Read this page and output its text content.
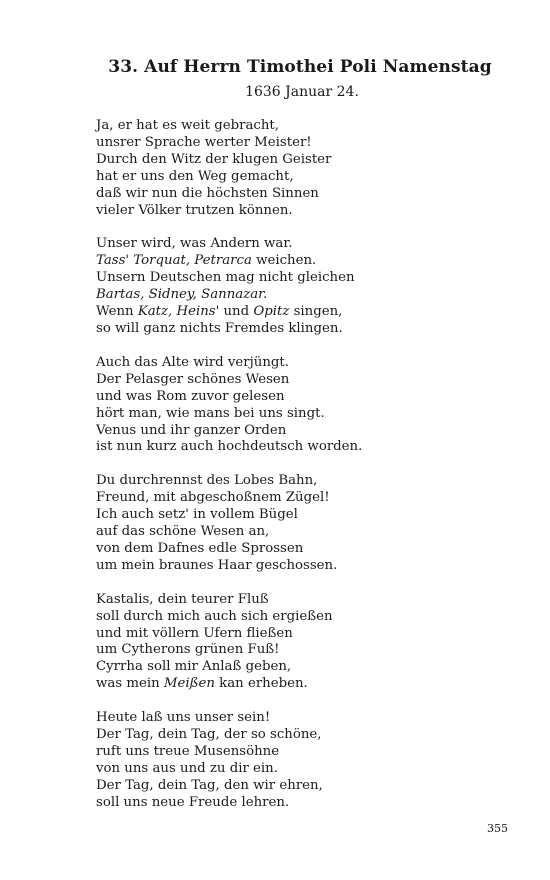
33. Auf Herrn Timothei Poli Namenstag

1636 Januar 24.

Ja, er hat es weit gebracht,
unsrer Sprache werter Meister!
Durch den Witz der klugen Geister
hat er uns den Weg gemacht,
daß wir nun die höchsten Sinnen
vieler Völker trutzen können.
Unser wird, was Andern war.
Tass' Torquat, Petrarca weichen.
Unsern Deutschen mag nicht gleichen
Bartas, Sidney, Sannazar.
Wenn Katz, Heins' und Opitz singen,
so will ganz nichts Fremdes klingen.
Auch das Alte wird verjüngt.
Der Pelasger schönes Wesen
und was Rom zuvor gelesen
hört man, wie mans bei uns singt.
Venus und ihr ganzer Orden
ist nun kurz auch hochdeutsch worden.
Du durchrennst des Lobes Bahn,
Freund, mit abgeschoßnem Zügel!
Ich auch setz' in vollem Bügel
auf das schöne Wesen an,
von dem Dafnes edle Sprossen
um mein braunes Haar geschossen.
Kastalis, dein teurer Fluß
soll durch mich auch sich ergießen
und mit völlern Ufern fließen
um Cytherons grünen Fuß!
Cyrrha soll mir Anlaß geben,
was mein Meißen kan erheben.
Heute laß uns unser sein!
Der Tag, dein Tag, der so schöne,
ruft uns treue Musensöhne
von uns aus und zu dir ein.
Der Tag, dein Tag, den wir ehren,
soll uns neue Freude lehren.
355
